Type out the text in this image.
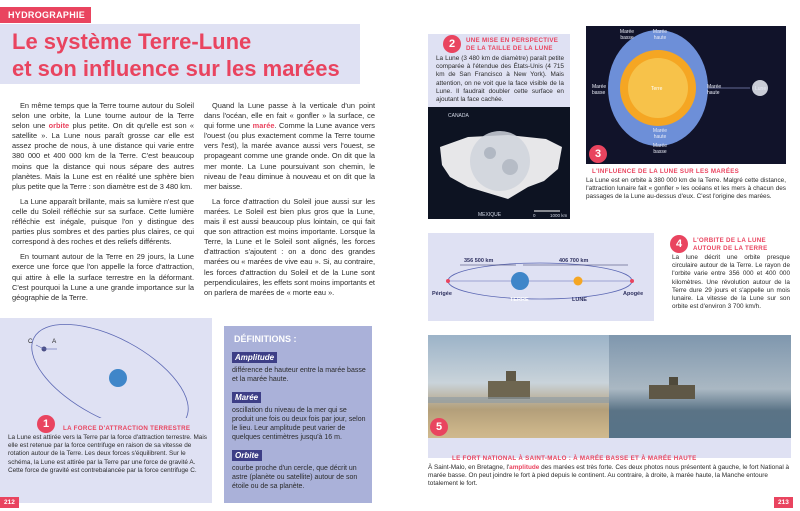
HYDROGRAPHIE
Le système Terre-Lune
et son influence sur les marées

En même temps que la Terre tourne autour du Soleil selon une orbite, la Lune tourne autour de la Terre selon une orbite plus petite. On dit qu'elle est son « satellite ». La Lune nous paraît grosse car elle est assez proche de nous, à une distance qui varie entre 380 000 et 400 000 km de la Terre. C'est beaucoup moins que la distance qui nous sépare des autres planètes. Mais la Lune est en réalité une sphère bien plus petite que la Terre : son diamètre est de 3 480 km.

La Lune apparaît brillante, mais sa lumière n'est que celle du Soleil réfléchie sur sa surface. Cette lumière réfléchie est inégale, puisque l'on y distingue des parties plus sombres et des parties plus claires, ce qui correspond à des roches et des reliefs différents.

En tournant autour de la Terre en 29 jours, la Lune exerce une force que l'on appelle la force d'attraction, qui attire à elle la surface terrestre en la déformant. C'est pourquoi la Lune a une grande importance sur la géographie de la Terre.

Quand la Lune passe à la verticale d'un point dans l'océan, elle en fait « gonfler » la surface, ce qui forme une marée. Comme la Lune avance vers l'ouest (ou plus exactement comme la Terre tourne vers l'est), la marée avance aussi vers l'ouest, se propageant comme une grande onde. On dit que la mer monte. La Lune poursuivant son chemin, le niveau de l'eau diminue à nouveau et on dit que la mer baisse.

La force d'attraction du Soleil joue aussi sur les marées. Le Soleil est bien plus gros que la Lune, mais il est aussi beaucoup plus lointain, ce qui fait que son attraction est moins importante. Lorsque la Terre, la Lune et le Soleil sont alignés, les forces d'attraction s'ajoutent : on a donc des grandes marées ou « marées de vive eau ». Si, au contraire, les forces d'attraction du Soleil et de la Lune sont perpendiculaires, les effets sont moins importants et on parlera de marées de « morte eau ».

C	A
1	LA FORCE D'ATTRACTION TERRESTRE
La Lune est attirée vers la Terre par la force d'attraction terrestre. Mais elle est retenue par la force centrifuge en raison de sa vitesse de rotation autour de la Terre. Les deux forces s'équilibrent. Sur le schéma, la Lune est attirée par la Terre par une force de gravité A. Cette force de gravité est contrebalancée par la force centrifuge C.
DÉFINITIONS :
Amplitude
différence de hauteur entre la marée basse et la marée haute.
Marée
oscillation du niveau de la mer qui se produit une fois ou deux fois par jour, selon le lieu. Leur amplitude peut varier de quelques centimètres jusqu'à 16 m.
Orbite
courbe proche d'un cercle, que décrit un astre (planète ou satellite) autour de son étoile ou de sa planète.
212
2	UNE MISE EN PERSPECTIVE
DE LA TAILLE DE LA LUNE
La Lune (3 480 km de diamètre) paraît petite comparée à l'étendue des États-Unis (4 715 km de San Francisco à New York). Mais attention, on ne voit que la face visible de la Lune. Il faudrait doubler cette surface en ajoutant la face cachée.
CANADA
MEXIQUE	0	1000 km
Marée basse
Marée haute
Marée basse
Marée haute
Terre	Lune
Marée haute
Marée basse
3
L'INFLUENCE DE LA LUNE SUR LES MARÉES
La Lune est en orbite à 380 000 km de la Terre. Malgré cette distance, l'attraction lunaire fait « gonfler » les océans et les mers à chacun des passages de la Lune au-dessus d'eux. C'est l'origine des marées.
356 500 km	406 700 km
Périgée	Apogée
TERRE	LUNE
4	L'ORBITE DE LA LUNE
AUTOUR DE LA TERRE
La lune décrit une orbite presque circulaire autour de la Terre. Le rayon de l'orbite varie entre 356 000 et 400 000 kilomètres. Une révolution autour de la Terre dure 29 jours et s'appelle un mois lunaire. La vitesse de la Lune sur son orbite est d'environ 3 700 km/h.
5
LE FORT NATIONAL À SAINT-MALO : À MARÉE BASSE ET À MARÉE HAUTE
À Saint-Malo, en Bretagne, l'amplitude des marées est très forte. Ces deux photos nous présentent à gauche, le fort National à marée basse. On peut joindre le fort à pied depuis le continent. Au contraire, à droite, à marée haute, la Manche entoure totalement le fort.
213
